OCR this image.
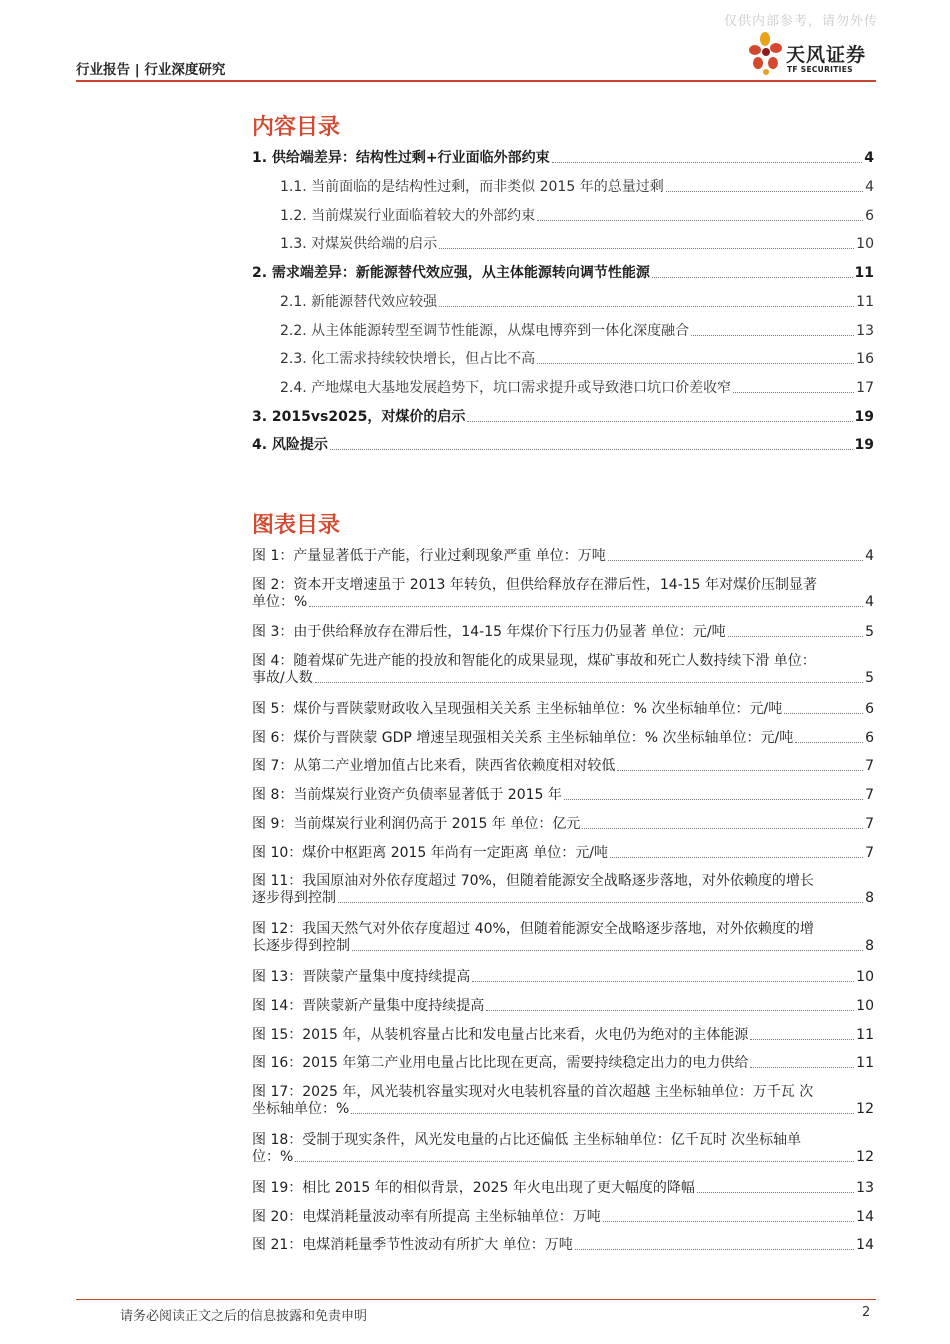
仅供内部参考，请勿外传
行业报告 | 行业深度研究
天风证券
TF SECURITIES
内容目录
1. 供给端差异：结构性过剩+行业面临外部约束	4
1.1. 当前面临的是结构性过剩，而非类似 2015 年的总量过剩	4
1.2. 当前煤炭行业面临着较大的外部约束	6
1.3. 对煤炭供给端的启示	10
2. 需求端差异：新能源替代效应强，从主体能源转向调节性能源	11
2.1. 新能源替代效应较强	11
2.2. 从主体能源转型至调节性能源，从煤电博弈到一体化深度融合	13
2.3. 化工需求持续较快增长，但占比不高	16
2.4. 产地煤电大基地发展趋势下，坑口需求提升或导致港口坑口价差收窄	17
3. 2015vs2025，对煤价的启示	19
4. 风险提示	19
图表目录
图 1：产量显著低于产能，行业过剩现象严重 单位：万吨	4
图 2：资本开支增速虽于 2013 年转负，但供给释放存在滞后性，14-15 年对煤价压制显著
单位：%	4
图 3：由于供给释放存在滞后性，14-15 年煤价下行压力仍显著 单位：元/吨	5
图 4：随着煤矿先进产能的投放和智能化的成果显现，煤矿事故和死亡人数持续下滑 单位：
事故/人数	5
图 5：煤价与晋陕蒙财政收入呈现强相关关系 主坐标轴单位：% 次坐标轴单位：元/吨	6
图 6：煤价与晋陕蒙 GDP 增速呈现强相关关系 主坐标轴单位：% 次坐标轴单位：元/吨	6
图 7：从第二产业增加值占比来看，陕西省依赖度相对较低	7
图 8：当前煤炭行业资产负债率显著低于 2015 年	7
图 9：当前煤炭行业利润仍高于 2015 年 单位：亿元	7
图 10：煤价中枢距离 2015 年尚有一定距离 单位：元/吨	7
图 11：我国原油对外依存度超过 70%，但随着能源安全战略逐步落地，对外依赖度的增长
逐步得到控制	8
图 12：我国天然气对外依存度超过 40%，但随着能源安全战略逐步落地，对外依赖度的增
长逐步得到控制	8
图 13：晋陕蒙产量集中度持续提高	10
图 14：晋陕蒙新产量集中度持续提高	10
图 15：2015 年，从装机容量占比和发电量占比来看，火电仍为绝对的主体能源	11
图 16：2015 年第二产业用电量占比比现在更高，需要持续稳定出力的电力供给	11
图 17：2025 年，风光装机容量实现对火电装机容量的首次超越 主坐标轴单位：万千瓦 次
坐标轴单位：%	12
图 18：受制于现实条件，风光发电量的占比还偏低 主坐标轴单位：亿千瓦时 次坐标轴单
位：%	12
图 19：相比 2015 年的相似背景，2025 年火电出现了更大幅度的降幅	13
图 20：电煤消耗量波动率有所提高 主坐标轴单位：万吨	14
图 21：电煤消耗量季节性波动有所扩大 单位：万吨	14
请务必阅读正文之后的信息披露和免责申明	2
